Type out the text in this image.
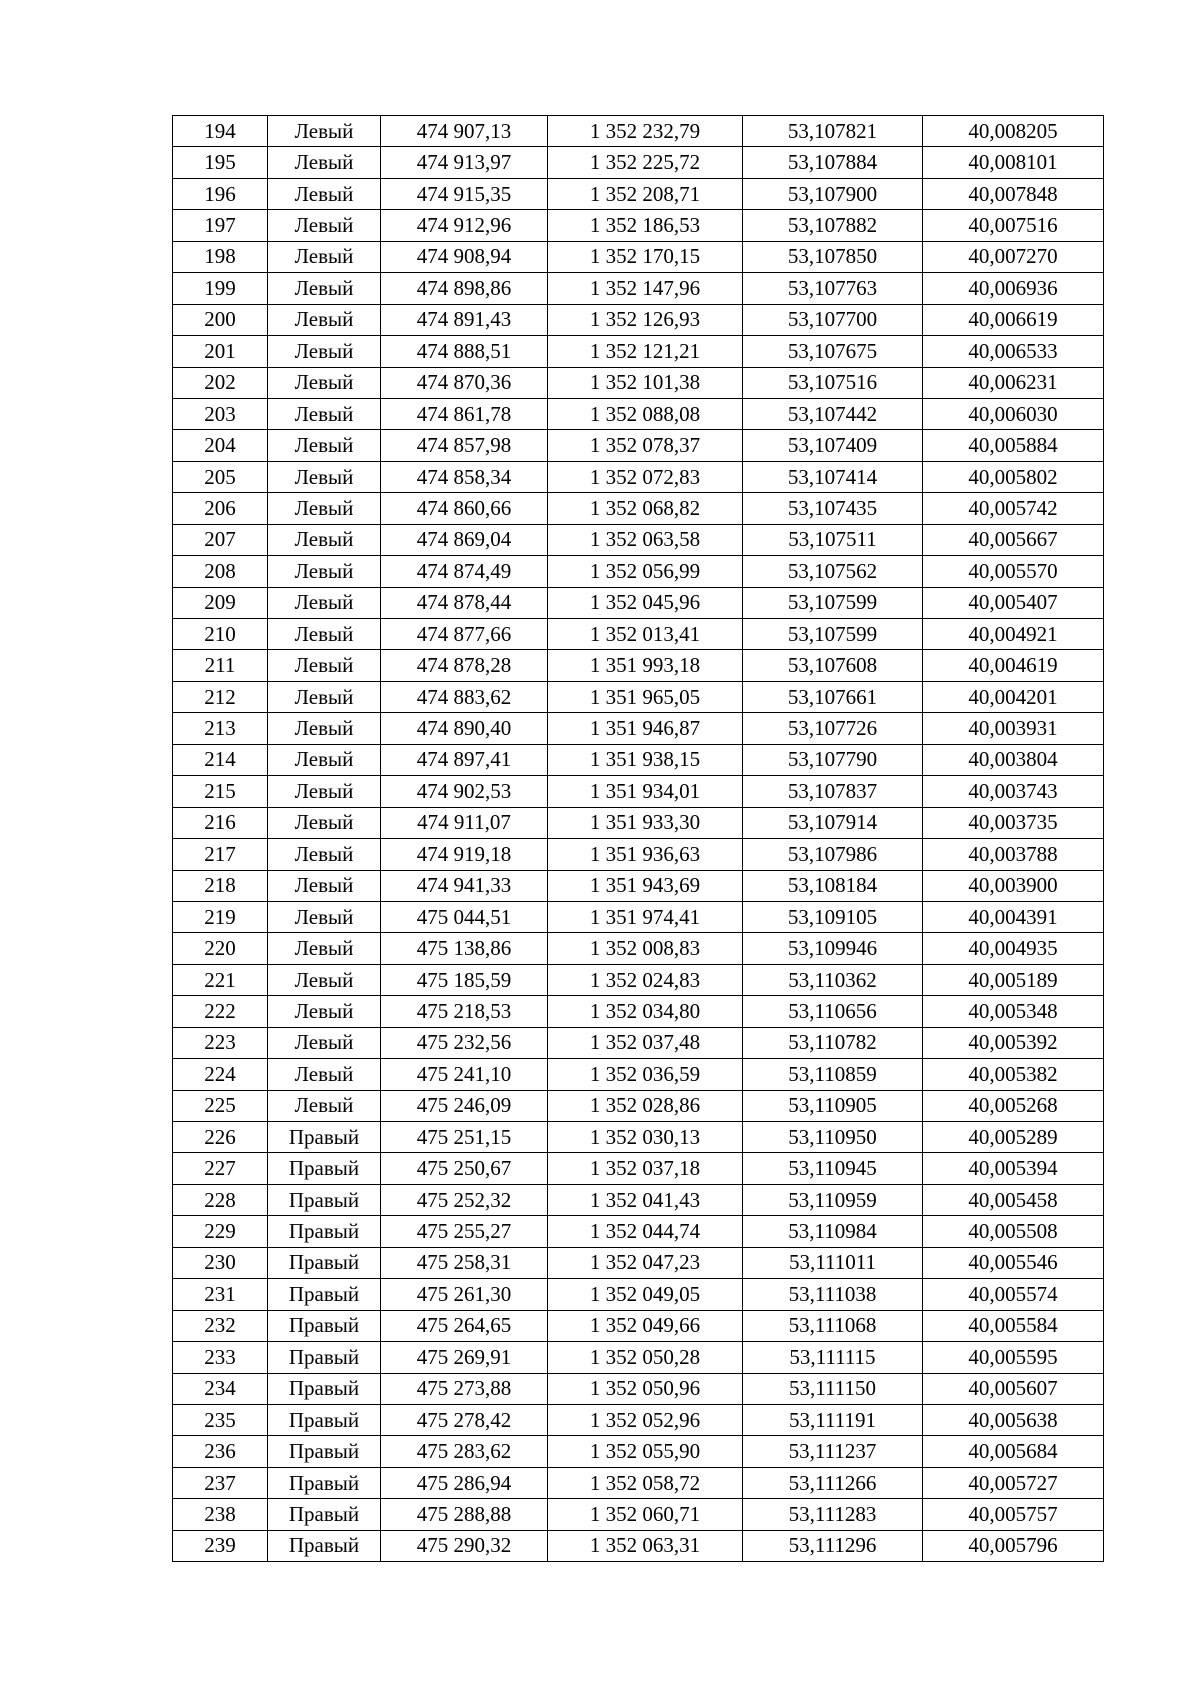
194	Левый	474 907,13	1 352 232,79	53,107821	40,008205
195	Левый	474 913,97	1 352 225,72	53,107884	40,008101
196	Левый	474 915,35	1 352 208,71	53,107900	40,007848
197	Левый	474 912,96	1 352 186,53	53,107882	40,007516
198	Левый	474 908,94	1 352 170,15	53,107850	40,007270
199	Левый	474 898,86	1 352 147,96	53,107763	40,006936
200	Левый	474 891,43	1 352 126,93	53,107700	40,006619
201	Левый	474 888,51	1 352 121,21	53,107675	40,006533
202	Левый	474 870,36	1 352 101,38	53,107516	40,006231
203	Левый	474 861,78	1 352 088,08	53,107442	40,006030
204	Левый	474 857,98	1 352 078,37	53,107409	40,005884
205	Левый	474 858,34	1 352 072,83	53,107414	40,005802
206	Левый	474 860,66	1 352 068,82	53,107435	40,005742
207	Левый	474 869,04	1 352 063,58	53,107511	40,005667
208	Левый	474 874,49	1 352 056,99	53,107562	40,005570
209	Левый	474 878,44	1 352 045,96	53,107599	40,005407
210	Левый	474 877,66	1 352 013,41	53,107599	40,004921
211	Левый	474 878,28	1 351 993,18	53,107608	40,004619
212	Левый	474 883,62	1 351 965,05	53,107661	40,004201
213	Левый	474 890,40	1 351 946,87	53,107726	40,003931
214	Левый	474 897,41	1 351 938,15	53,107790	40,003804
215	Левый	474 902,53	1 351 934,01	53,107837	40,003743
216	Левый	474 911,07	1 351 933,30	53,107914	40,003735
217	Левый	474 919,18	1 351 936,63	53,107986	40,003788
218	Левый	474 941,33	1 351 943,69	53,108184	40,003900
219	Левый	475 044,51	1 351 974,41	53,109105	40,004391
220	Левый	475 138,86	1 352 008,83	53,109946	40,004935
221	Левый	475 185,59	1 352 024,83	53,110362	40,005189
222	Левый	475 218,53	1 352 034,80	53,110656	40,005348
223	Левый	475 232,56	1 352 037,48	53,110782	40,005392
224	Левый	475 241,10	1 352 036,59	53,110859	40,005382
225	Левый	475 246,09	1 352 028,86	53,110905	40,005268
226	Правый	475 251,15	1 352 030,13	53,110950	40,005289
227	Правый	475 250,67	1 352 037,18	53,110945	40,005394
228	Правый	475 252,32	1 352 041,43	53,110959	40,005458
229	Правый	475 255,27	1 352 044,74	53,110984	40,005508
230	Правый	475 258,31	1 352 047,23	53,111011	40,005546
231	Правый	475 261,30	1 352 049,05	53,111038	40,005574
232	Правый	475 264,65	1 352 049,66	53,111068	40,005584
233	Правый	475 269,91	1 352 050,28	53,111115	40,005595
234	Правый	475 273,88	1 352 050,96	53,111150	40,005607
235	Правый	475 278,42	1 352 052,96	53,111191	40,005638
236	Правый	475 283,62	1 352 055,90	53,111237	40,005684
237	Правый	475 286,94	1 352 058,72	53,111266	40,005727
238	Правый	475 288,88	1 352 060,71	53,111283	40,005757
239	Правый	475 290,32	1 352 063,31	53,111296	40,005796
